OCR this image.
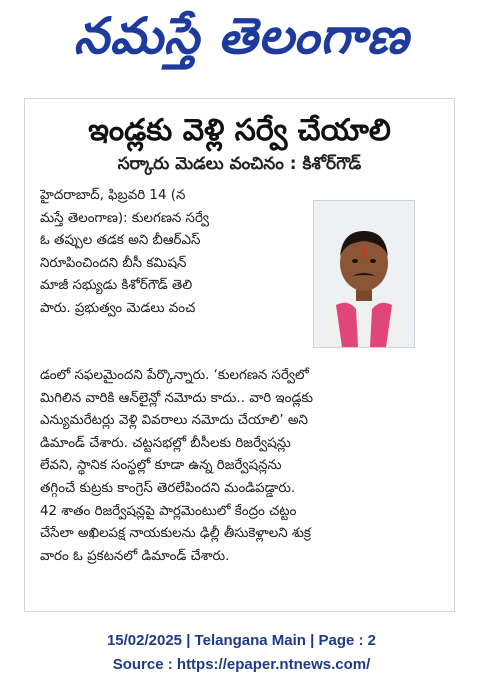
నమస్తే తెలంగాణ
ఇండ్లకు వెళ్లి సర్వే చేయాలి
సర్కారు మెడలు వంచినం : కిశోర్‌గౌడ్
హైదరాబాద్, ఫిబ్రవరి 14 (న
మస్తే తెలంగాణ): కులగణన సర్వే
ఓ తప్పుల తడక అని బీఆర్‌ఎస్
నిరూపించిందని బీసీ కమిషన్
మాజీ సభ్యుడు కిశోర్‌గౌడ్ తెలి
పారు. ప్రభుత్వం మెడలు వంచ
డంలో సఫలమైందని పేర్కొన్నారు. ‘కులగణన సర్వేలో
మిగిలిన వారికి ఆన్‌లైన్లో నమోదు కాదు.. వారి ఇండ్లకు
ఎన్యుమరేటర్లు వెళ్లి వివరాలు నమోదు చేయాలి’ అని
డిమాండ్ చేశారు. చట్టసభల్లో బీసీలకు రిజర్వేషన్లు
లేవని, స్థానిక సంస్థల్లో కూడా ఉన్న రిజర్వేషన్లను
తగ్గించే కుట్రకు కాంగ్రెస్ తెరలేపిందని మండిపడ్డారు.
42 శాతం రిజర్వేషన్లపై పార్లమెంటులో కేంద్రం చట్టం
చేసేలా అఖిలపక్ష నాయకులను ఢిల్లీ తీసుకెళ్లాలని శుక్ర
వారం ఓ ప్రకటనలో డిమాండ్ చేశారు.
15/02/2025 | Telangana Main | Page : 2
Source : https://epaper.ntnews.com/
